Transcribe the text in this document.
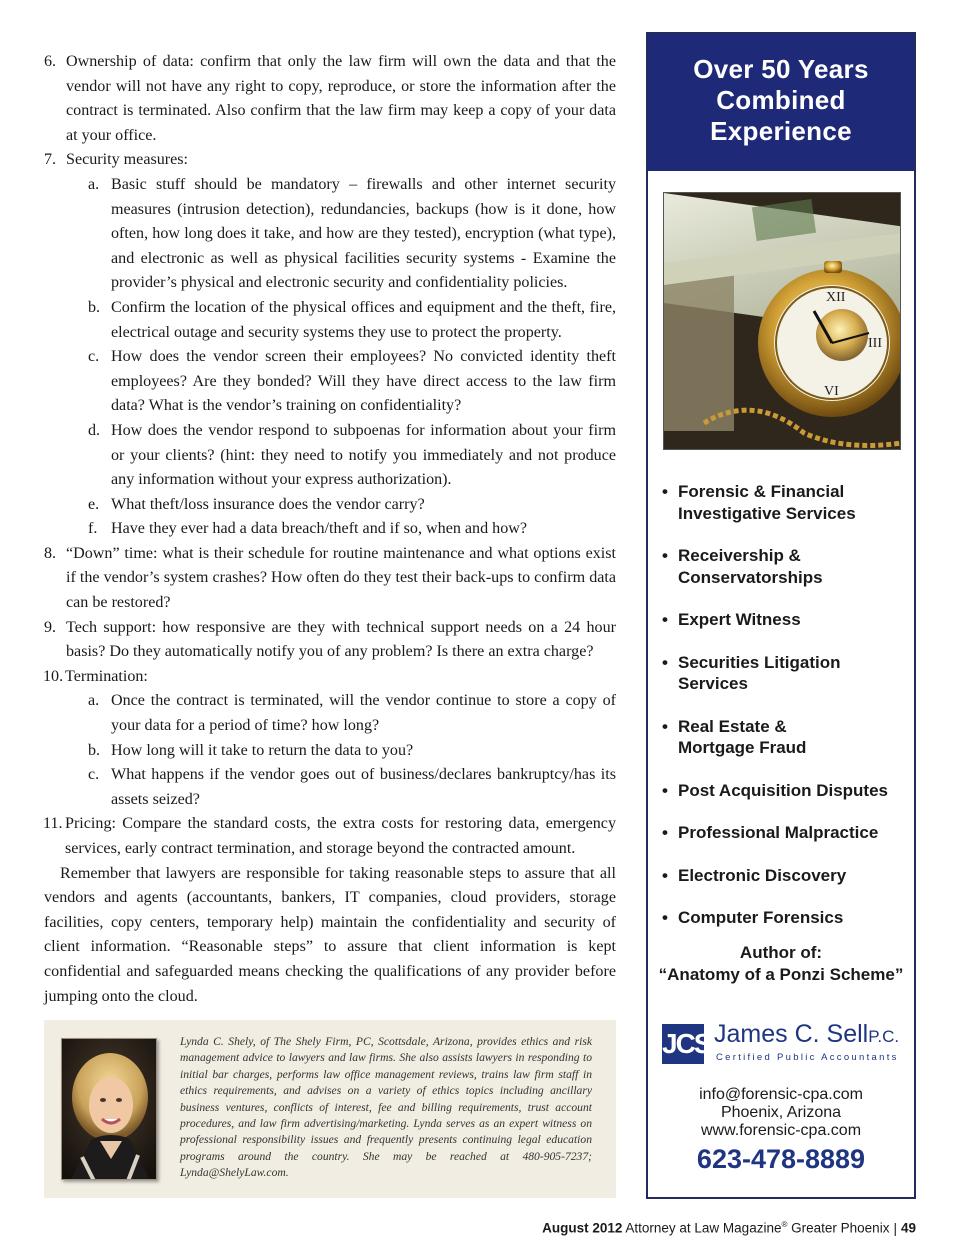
6. Ownership of data: confirm that only the law firm will own the data and that the vendor will not have any right to copy, reproduce, or store the information after the contract is terminated. Also confirm that the law firm may keep a copy of your data at your office.
7. Security measures:
a. Basic stuff should be mandatory – firewalls and other internet security measures (intrusion detection), redundancies, backups (how is it done, how often, how long does it take, and how are they tested), encryption (what type), and electronic as well as physical facilities security systems - Examine the provider’s physical and electronic security and confidentiality policies.
b. Confirm the location of the physical offices and equipment and the theft, fire, electrical outage and security systems they use to protect the property.
c. How does the vendor screen their employees? No convicted identity theft employees? Are they bonded? Will they have direct access to the law firm data? What is the vendor’s training on confidentiality?
d. How does the vendor respond to subpoenas for information about your firm or your clients? (hint: they need to notify you immediately and not produce any information without your express authorization).
e. What theft/loss insurance does the vendor carry?
f. Have they ever had a data breach/theft and if so, when and how?
8. “Down” time: what is their schedule for routine maintenance and what options exist if the vendor’s system crashes? How often do they test their back-ups to confirm data can be restored?
9. Tech support: how responsive are they with technical support needs on a 24 hour basis? Do they automatically notify you of any problem? Is there an extra charge?
10. Termination:
a. Once the contract is terminated, will the vendor continue to store a copy of your data for a period of time? how long?
b. How long will it take to return the data to you?
c. What happens if the vendor goes out of business/declares bankruptcy/has its assets seized?
11. Pricing: Compare the standard costs, the extra costs for restoring data, emergency services, early contract termination, and storage beyond the contracted amount.

Remember that lawyers are responsible for taking reasonable steps to assure that all vendors and agents (accountants, bankers, IT companies, cloud providers, storage facilities, copy centers, temporary help) maintain the confidentiality and security of client information. “Reasonable steps” to assure that client information is kept confidential and safeguarded means checking the qualifications of any provider before jumping onto the cloud.

Lynda C. Shely, of The Shely Firm, PC, Scottsdale, Arizona, provides ethics and risk management advice to lawyers and law firms. She also assists lawyers in responding to initial bar charges, performs law office management reviews, trains law firm staff in ethics requirements, and advises on a variety of ethics topics including ancillary business ventures, conflicts of interest, fee and billing requirements, trust account procedures, and law firm advertising/marketing. Lynda serves as an expert witness on professional responsibility issues and frequently presents continuing legal education programs around the country. She may be reached at 480-905-7237; Lynda@ShelyLaw.com.

Over 50 Years
Combined
Experience
XII
III
VI
• Forensic & Financial
Investigative Services
• Receivership &
Conservatorships
• Expert Witness
• Securities Litigation
Services
• Real Estate &
Mortgage Fraud
• Post Acquisition Disputes
• Professional Malpractice
• Electronic Discovery
• Computer Forensics
Author of:
“Anatomy of a Ponzi Scheme”
JCS James C. SellP.C.
Certified Public Accountants
info@forensic-cpa.com
Phoenix, Arizona
www.forensic-cpa.com
623-478-8889
August 2012 Attorney at Law Magazine® Greater Phoenix | 49
